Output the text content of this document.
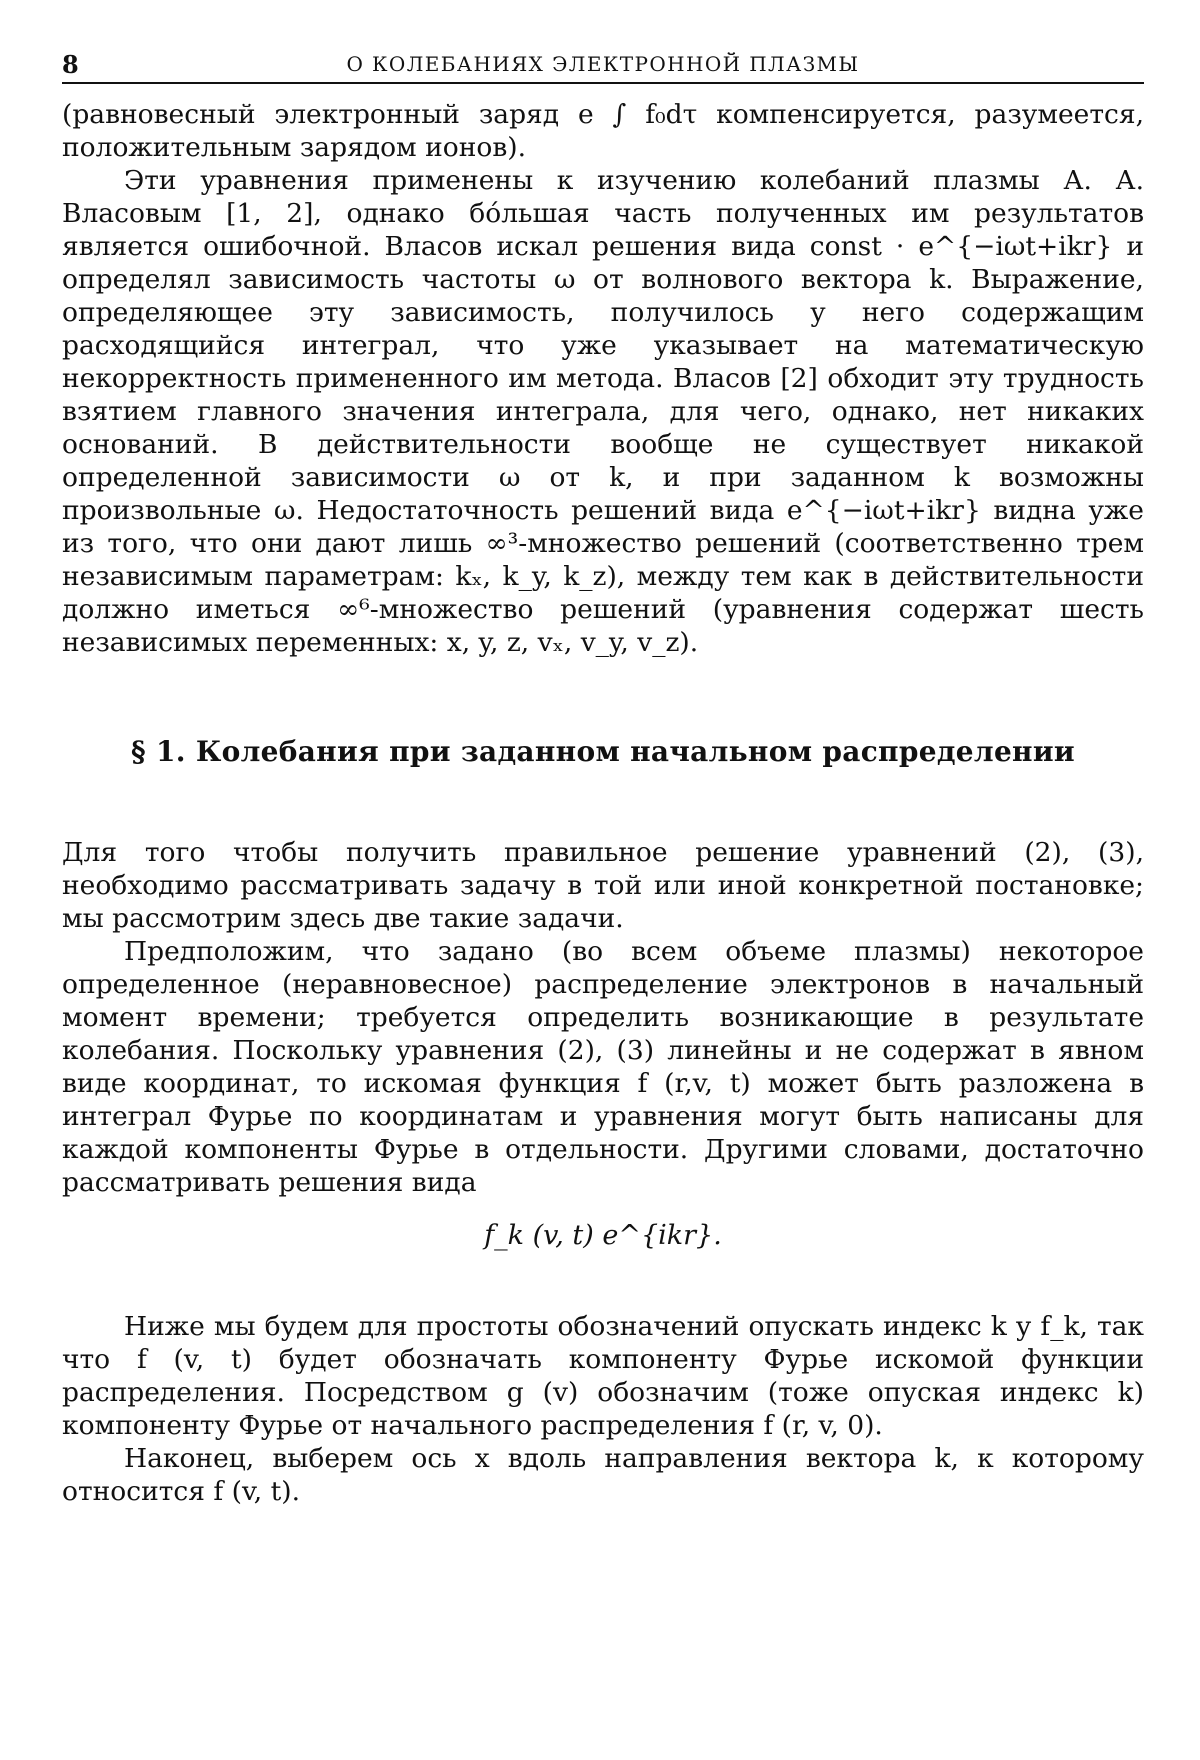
8	О КОЛЕБАНИЯХ ЭЛЕКТРОННОЙ ПЛАЗМЫ

(равновесный электронный заряд e ∫ f₀dτ компенсируется, разумеется, положительным зарядом ионов).

Эти уравнения применены к изучению колебаний плазмы А. А. Власовым [1, 2], однако бо́льшая часть полученных им результатов является ошибочной. Власов искал решения вида const · e^{−iωt+ikr} и определял зависимость частоты ω от волнового вектора k. Выражение, определяющее эту зависимость, получилось у него содержащим расходящийся интеграл, что уже указывает на математическую некорректность примененного им метода. Власов [2] обходит эту трудность взятием главного значения интеграла, для чего, однако, нет никаких оснований. В действительности вообще не существует никакой определенной зависимости ω от k, и при заданном k возможны произвольные ω. Недостаточность решений вида e^{−iωt+ikr} видна уже из того, что они дают лишь ∞³-множество решений (соответственно трем независимым параметрам: kₓ, k_y, k_z), между тем как в действительности должно иметься ∞⁶-множество решений (уравнения содержат шесть независимых переменных: x, y, z, vₓ, v_y, v_z).

§ 1. Колебания при заданном начальном распределении

Для того чтобы получить правильное решение уравнений (2), (3), необходимо рассматривать задачу в той или иной конкретной постановке; мы рассмотрим здесь две такие задачи.

Предположим, что задано (во всем объеме плазмы) некоторое определенное (неравновесное) распределение электронов в начальный момент времени; требуется определить возникающие в результате колебания. Поскольку уравнения (2), (3) линейны и не содержат в явном виде координат, то искомая функция f (r,v, t) может быть разложена в интеграл Фурье по координатам и уравнения могут быть написаны для каждой компоненты Фурье в отдельности. Другими словами, достаточно рассматривать решения вида

f_k (v, t) e^{ikr}.

Ниже мы будем для простоты обозначений опускать индекс k у f_k, так что f (v, t) будет обозначать компоненту Фурье искомой функции распределения. Посредством g (v) обозначим (тоже опуская индекс k) компоненту Фурье от начального распределения f (r, v, 0).

Наконец, выберем ось x вдоль направления вектора k, к которому относится f (v, t).
